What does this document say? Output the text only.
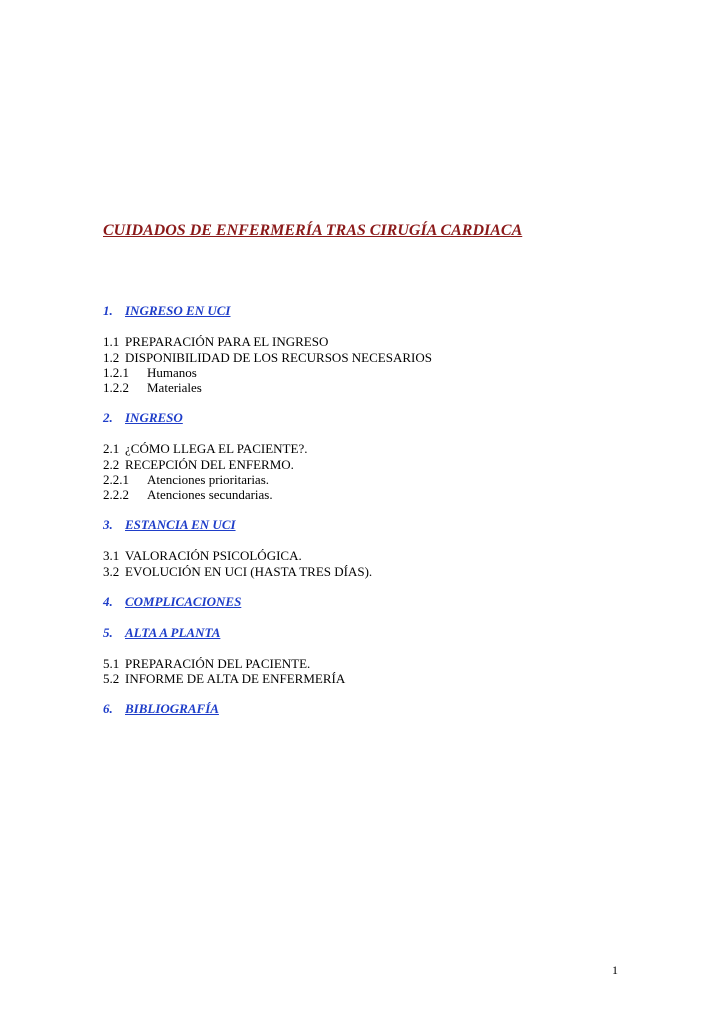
CUIDADOS DE ENFERMERÍA TRAS CIRUGÍA CARDIACA
1. INGRESO EN UCI
1.1 PREPARACIÓN PARA EL INGRESO
1.2 DISPONIBILIDAD DE LOS RECURSOS NECESARIOS
1.2.1 Humanos
1.2.2 Materiales
2. INGRESO
2.1 ¿CÓMO LLEGA EL PACIENTE?.
2.2 RECEPCIÓN DEL ENFERMO.
2.2.1 Atenciones prioritarias.
2.2.2 Atenciones secundarias.
3. ESTANCIA EN UCI
3.1 VALORACIÓN PSICOLÓGICA.
3.2 EVOLUCIÓN EN UCI (HASTA TRES DÍAS).
4. COMPLICACIONES
5. ALTA A PLANTA
5.1 PREPARACIÓN DEL PACIENTE.
5.2 INFORME DE ALTA DE ENFERMERÍA
6. BIBLIOGRAFÍA
1
